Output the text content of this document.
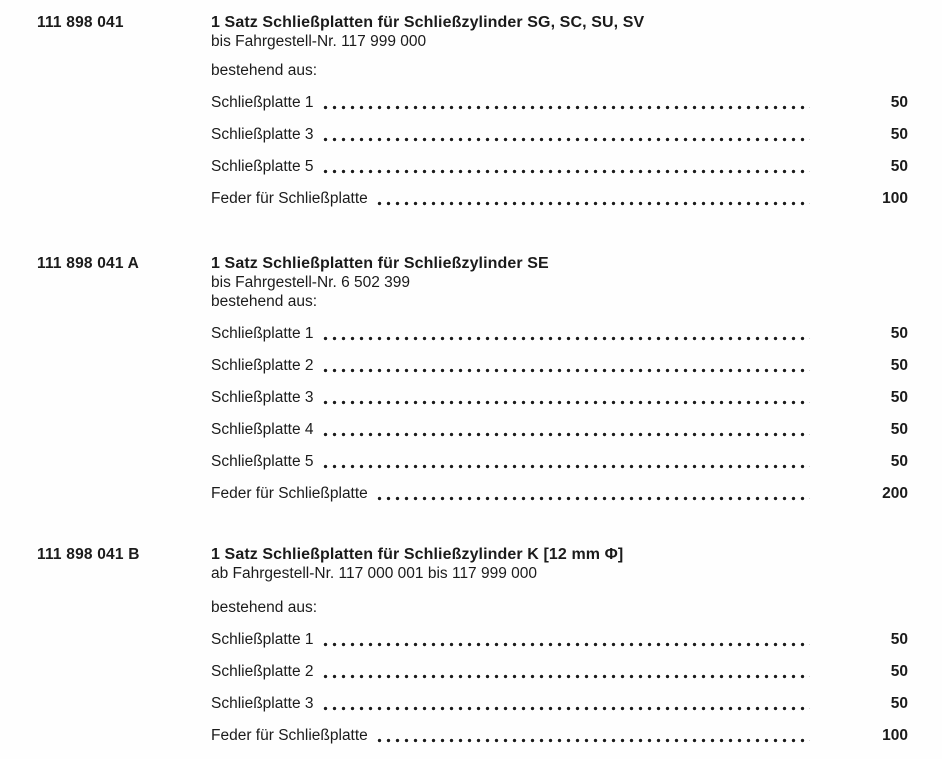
111 898 041	1 Satz Schließplatten für Schließzylinder SG, SC, SU, SV
bis Fahrgestell-Nr. 117 999 000
bestehend aus:
Schließplatte 1	50
Schließplatte 3	50
Schließplatte 5	50
Feder für Schließplatte	100
111 898 041 A	1 Satz Schließplatten für Schließzylinder SE
bis Fahrgestell-Nr. 6 502 399
bestehend aus:
Schließplatte 1	50
Schließplatte 2	50
Schließplatte 3	50
Schließplatte 4	50
Schließplatte 5	50
Feder für Schließplatte	200
111 898 041 B	1 Satz Schließplatten für Schließzylinder K [12 mm Φ]
ab Fahrgestell-Nr. 117 000 001 bis 117 999 000
bestehend aus:
Schließplatte 1	50
Schließplatte 2	50
Schließplatte 3	50
Feder für Schließplatte	100
